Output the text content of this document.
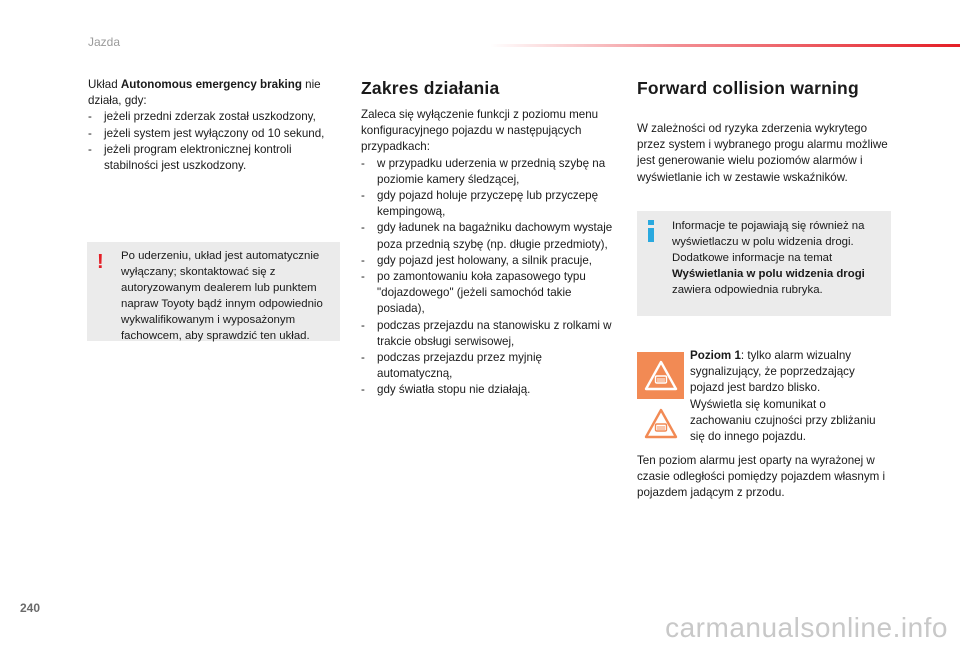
Jazda

Układ Autonomous emergency braking nie działa, gdy:

- jeżeli przedni zderzak został uszkodzony,
- jeżeli system jest wyłączony od 10 sekund,
- jeżeli program elektronicznej kontroli stabilności jest uszkodzony.
! Po uderzeniu, układ jest automatycznie wyłączany; skontaktować się z autoryzowanym dealerem lub punktem napraw Toyoty bądź innym odpowiednio wykwalifikowanym i wyposażonym fachowcem, aby sprawdzić ten układ.
Zakres działania

Zaleca się wyłączenie funkcji z poziomu menu konfiguracyjnego pojazdu w następujących przypadkach:

- w przypadku uderzenia w przednią szybę na poziomie kamery śledzącej,
- gdy pojazd holuje przyczepę lub przyczepę kempingową,
- gdy ładunek na bagażniku dachowym wystaje poza przednią szybę (np. długie przedmioty),
- gdy pojazd jest holowany, a silnik pracuje,
- po zamontowaniu koła zapasowego typu "dojazdowego" (jeżeli samochód takie posiada),
- podczas przejazdu na stanowisku z rolkami w trakcie obsługi serwisowej,
- podczas przejazdu przez myjnię automatyczną,
- gdy światła stopu nie działają.
Forward collision warning

W zależności od ryzyka zderzenia wykrytego przez system i wybranego progu alarmu możliwe jest generowanie wielu poziomów alarmów i wyświetlanie ich w zestawie wskaźników.

Informacje te pojawiają się również na wyświetlaczu w polu widzenia drogi. Dodatkowe informacje na temat Wyświetlania w polu widzenia drogi zawiera odpowiednia rubryka.

Poziom 1: tylko alarm wizualny sygnalizujący, że poprzedzający pojazd jest bardzo blisko.

Wyświetla się komunikat o zachowaniu czujności przy zbliżaniu się do innego pojazdu.

Ten poziom alarmu jest oparty na wyrażonej w czasie odległości pomiędzy pojazdem własnym i pojazdem jadącym z przodu.
240
carmanualsonline.info
